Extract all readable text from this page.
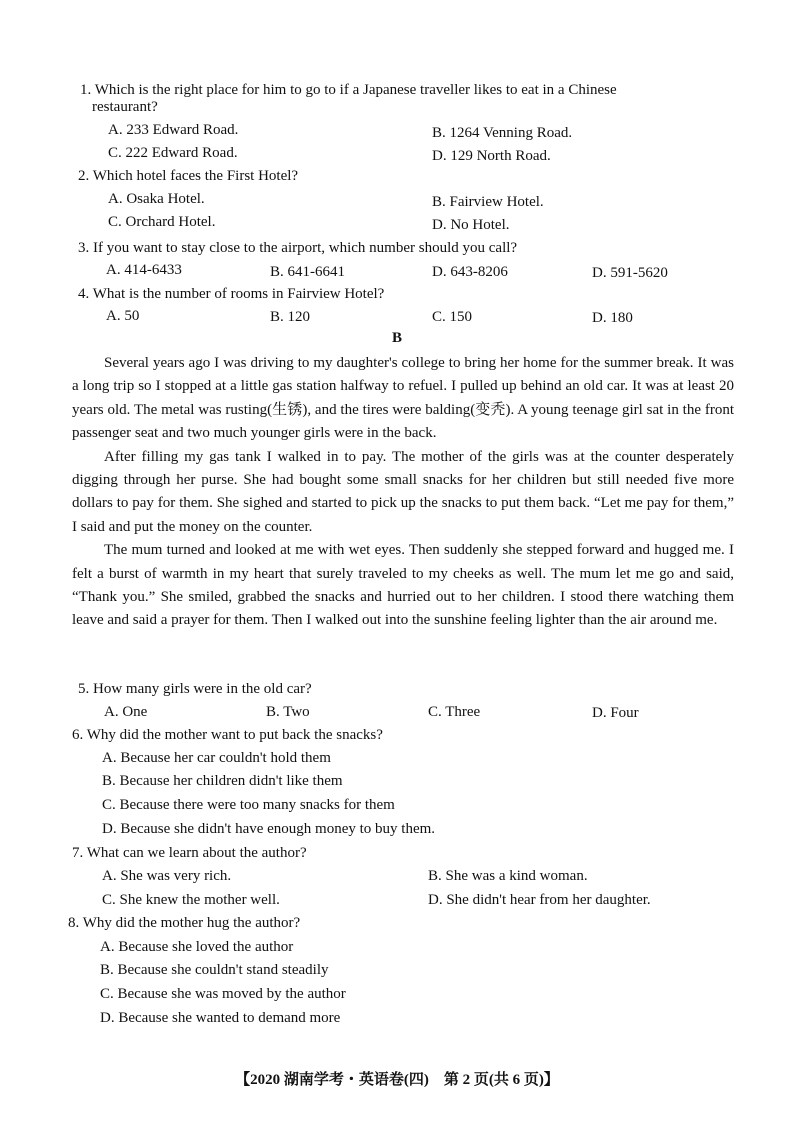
1. Which is the right place for him to go to if a Japanese traveller likes to eat in a Chinese
restaurant?
A. 233 Edward Road.	B. 1264 Venning Road.
C. 222 Edward Road.	D. 129 North Road.
2. Which hotel faces the First Hotel?
A. Osaka Hotel.	B. Fairview Hotel.
C. Orchard Hotel.	D. No Hotel.
3. If you want to stay close to the airport, which number should you call?
A. 414-6433	B. 641-6641	D. 643-8206	D. 591-5620
4. What is the number of rooms in Fairview Hotel?
A. 50	B. 120	C. 150	D. 180
B

Several years ago I was driving to my daughter's college to bring her home for the summer break. It was a long trip so I stopped at a little gas station halfway to refuel. I pulled up behind an old car. It was at least 20 years old. The metal was rusting(生锈), and the tires were balding(变秃). A young teenage girl sat in the front passenger seat and two much younger girls were in the back.

After filling my gas tank I walked in to pay. The mother of the girls was at the counter desperately digging through her purse. She had bought some small snacks for her children but still needed five more dollars to pay for them. She sighed and started to pick up the snacks to put them back. “Let me pay for them,” I said and put the money on the counter.

The mum turned and looked at me with wet eyes. Then suddenly she stepped forward and hugged me. I felt a burst of warmth in my heart that surely traveled to my cheeks as well. The mum let me go and said, “Thank you.” She smiled, grabbed the snacks and hurried out to her children. I stood there watching them leave and said a prayer for them. Then I walked out into the sunshine feeling lighter than the air around me.

5. How many girls were in the old car?
A. One	B. Two	C. Three	D. Four
6. Why did the mother want to put back the snacks?
A. Because her car couldn't hold them
B. Because her children didn't like them
C. Because there were too many snacks for them
D. Because she didn't have enough money to buy them.
7. What can we learn about the author?
A. She was very rich.	B. She was a kind woman.
C. She knew the mother well.	D. She didn't hear from her daughter.
8. Why did the mother hug the author?
A. Because she loved the author
B. Because she couldn't stand steadily
C. Because she was moved by the author
D. Because she wanted to demand more
【2020 湖南学考・英语卷(四)　第 2 页(共 6 页)】
